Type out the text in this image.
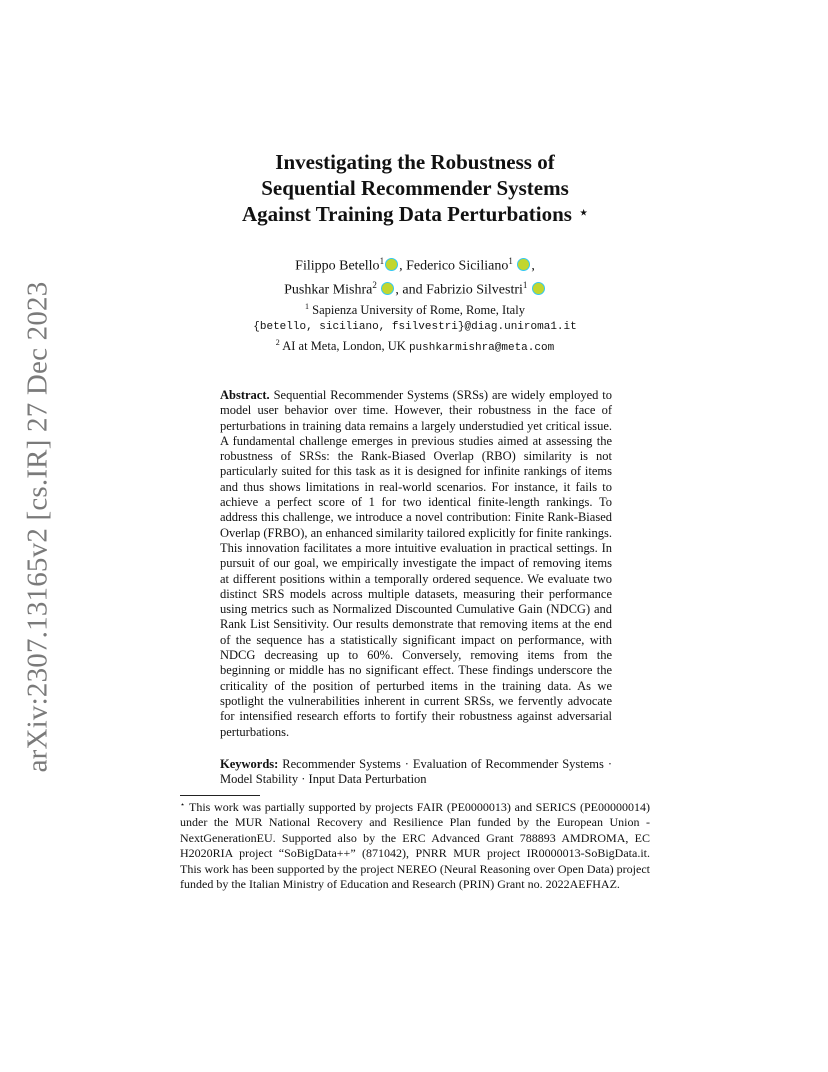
arXiv:2307.13165v2 [cs.IR] 27 Dec 2023
Investigating the Robustness of
Sequential Recommender Systems
Against Training Data Perturbations ⋆
Filippo Betello$^1$ , Federico Siciliano$^1$ ,
Pushkar Mishra$^2$ , and Fabrizio Silvestri$^1$
$^1$ Sapienza University of Rome, Rome, Italy
{betello, siciliano, fsilvestri}@diag.uniroma1.it
$^2$ AI at Meta, London, UK pushkarmishra@meta.com
Abstract. Sequential Recommender Systems (SRSs) are widely employed to model user behavior over time. However, their robustness in the face of perturbations in training data remains a largely understudied yet critical issue. A fundamental challenge emerges in previous studies aimed at assessing the robustness of SRSs: the Rank-Biased Overlap (RBO) similarity is not particularly suited for this task as it is designed for infinite rankings of items and thus shows limitations in real-world scenarios. For instance, it fails to achieve a perfect score of 1 for two identical finite-length rankings. To address this challenge, we introduce a novel contribution: Finite Rank-Biased Overlap (FRBO), an enhanced similarity tailored explicitly for finite rankings. This innovation facilitates a more intuitive evaluation in practical settings. In pursuit of our goal, we empirically investigate the impact of removing items at different positions within a temporally ordered sequence. We evaluate two distinct SRS models across multiple datasets, measuring their performance using metrics such as Normalized Discounted Cumulative Gain (NDCG) and Rank List Sensitivity. Our results demonstrate that removing items at the end of the sequence has a statistically significant impact on performance, with NDCG decreasing up to 60%. Conversely, removing items from the beginning or middle has no significant effect. These findings underscore the criticality of the position of perturbed items in the training data. As we spotlight the vulnerabilities inherent in current SRSs, we fervently advocate for intensified research efforts to fortify their robustness against adversarial perturbations.
Keywords: Recommender Systems · Evaluation of Recommender Systems · Model Stability · Input Data Perturbation
⋆ This work was partially supported by projects FAIR (PE0000013) and SERICS (PE00000014) under the MUR National Recovery and Resilience Plan funded by the European Union - NextGenerationEU. Supported also by the ERC Advanced Grant 788893 AMDROMA, EC H2020RIA project “SoBigData++” (871042), PNRR MUR project IR0000013-SoBigData.it. This work has been supported by the project NEREO (Neural Reasoning over Open Data) project funded by the Italian Ministry of Education and Research (PRIN) Grant no. 2022AEFHAZ.
